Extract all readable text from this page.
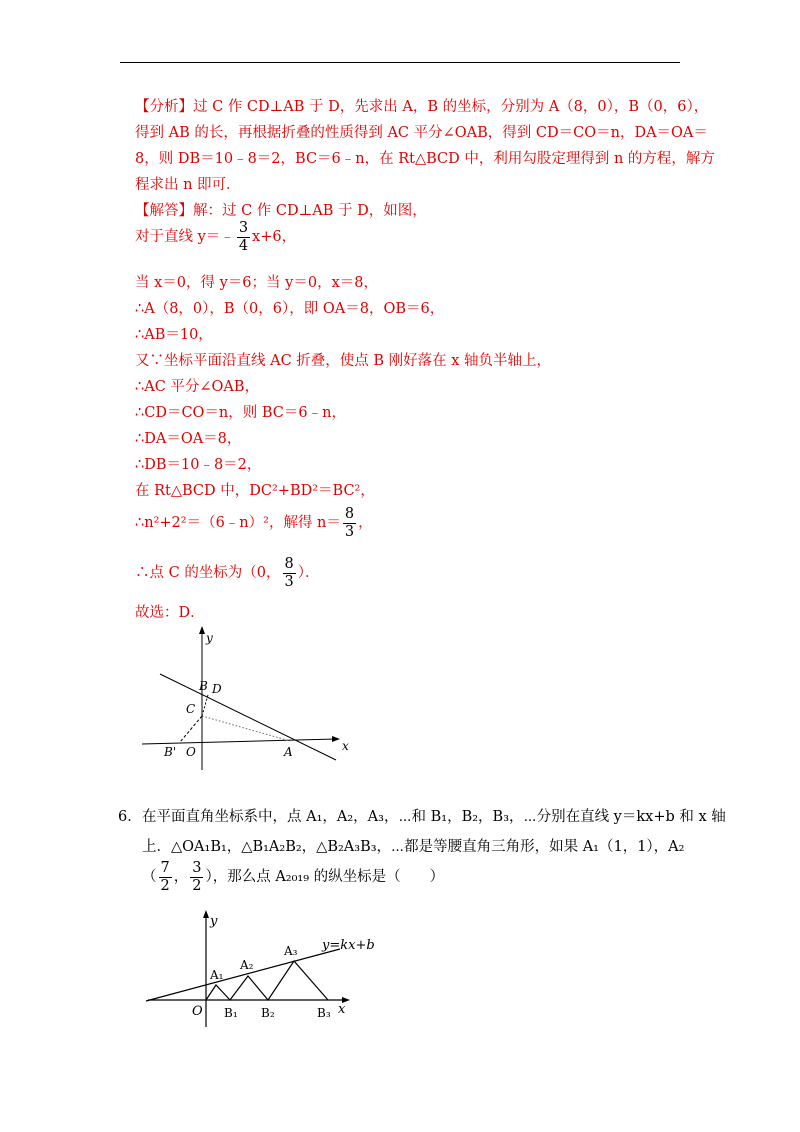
【分析】过 C 作 CD⊥AB 于 D，先求出 A，B 的坐标，分别为 A（8，0），B（0，6），
得到 AB 的长，再根据折叠的性质得到 AC 平分∠OAB，得到 CD＝CO＝n，DA＝OA＝
8，则 DB＝10﹣8＝2，BC＝6﹣n，在 Rt△BCD 中，利用勾股定理得到 n 的方程，解方
程求出 n 即可．
【解答】解：过 C 作 CD⊥AB 于 D，如图，
对于直线 y＝﹣ $\frac{3}{4} x+6$，
当 x＝0，得 y＝6；当 y＝0，x＝8，
∴A（8，0），B（0，6），即 OA＝8，OB＝6，
∴AB＝10，
又∵坐标平面沿直线 AC 折叠，使点 B 刚好落在 x 轴负半轴上，
∴AC 平分∠OAB，
∴CD＝CO＝n，则 BC＝6﹣n，
∴DA＝OA＝8，
∴DB＝10﹣8＝2，
在 Rt△BCD 中，DC²+BD²＝BC²，
∴n²+2²＝（6﹣n）²，解得 $n= \frac{8}{3}$ ，
∴点 C 的坐标为（0， $\frac{8}{3}$ ）．
故选：D．
y
x
B D
C
O	A
B'
6． 在平面直角坐标系中，点 A₁，A₂，A₃，⋯和 B₁，B₂，B₃，⋯分别在直线 y＝kx+b 和 x 轴
上．△OA₁B₁，△B₁A₂B₂，△B₂A₃B₃，⋯都是等腰直角三角形，如果 A₁（1，1），A₂
（ $\frac{7}{2}$ ， $\frac{3}{2}$ ），那么点 A₂₀₁₉ 的纵坐标是（　　）
y
x
O
y=kx+b
A₁
A₂
A₃
B₁ B₂	B₃
